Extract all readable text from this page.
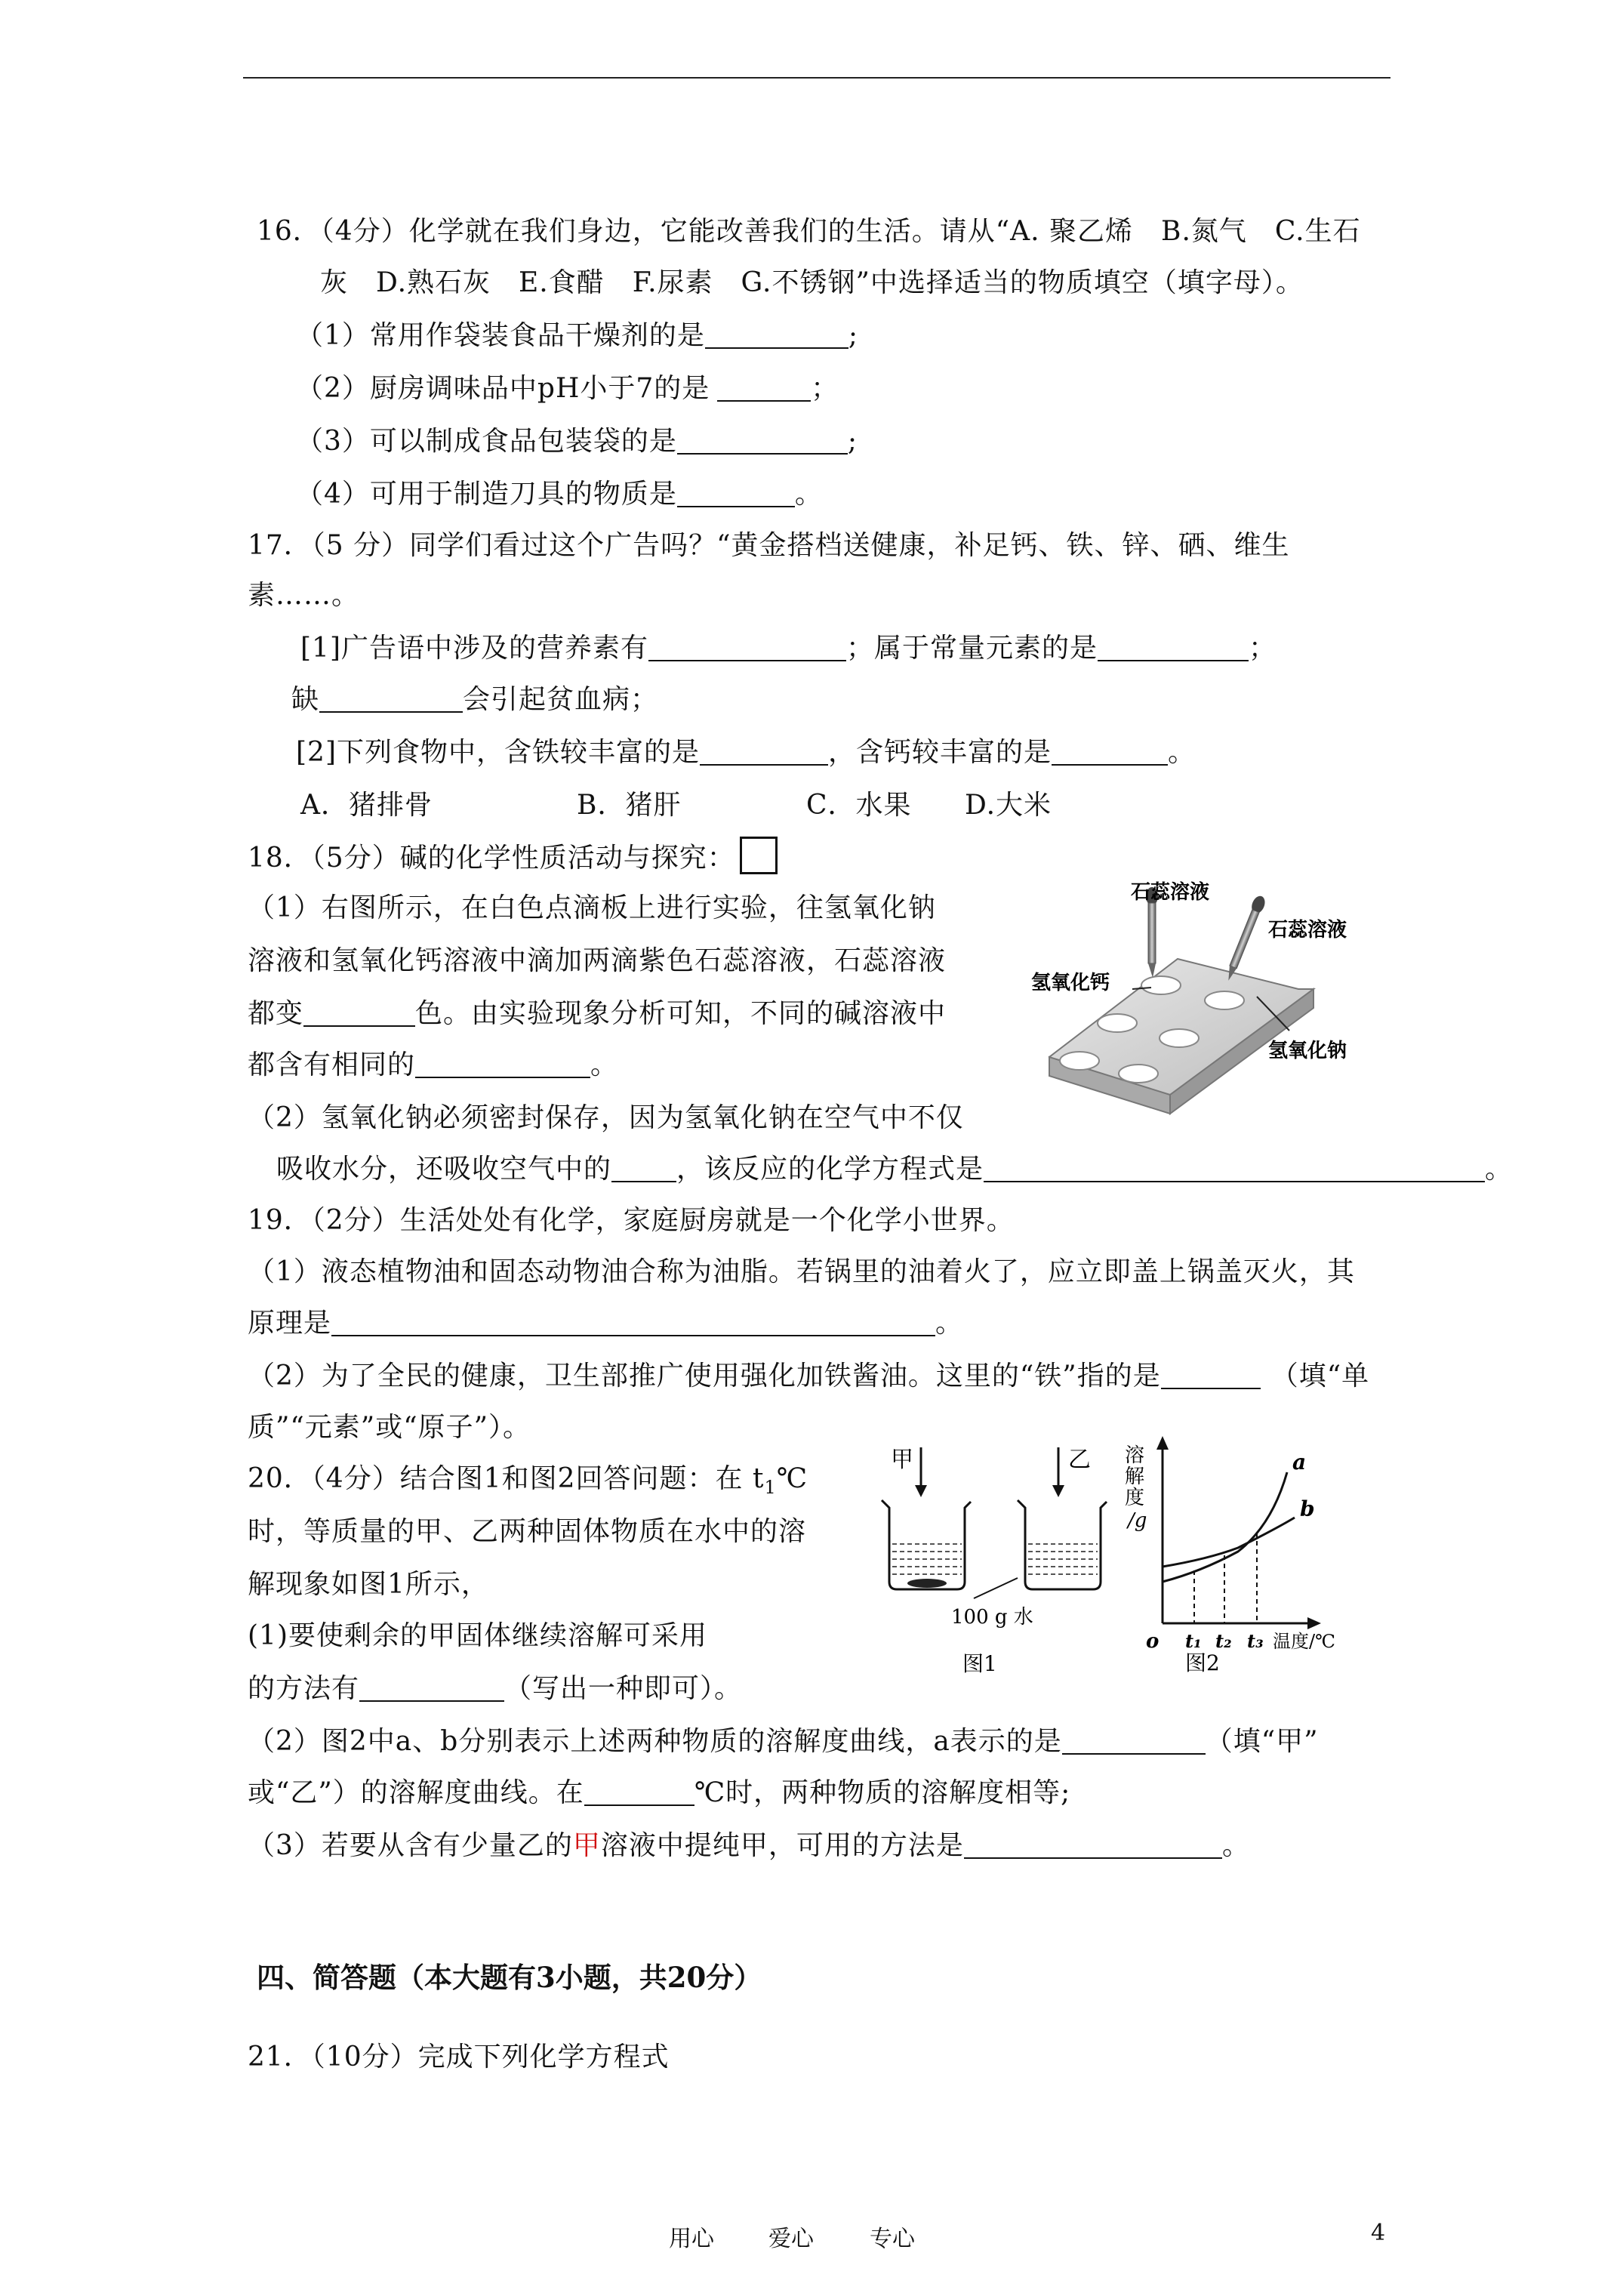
16．（4分）化学就在我们身边，它能改善我们的生活。请从“A. 聚乙烯　B.氮气　C.生石
灰　D.熟石灰　E.食醋　F.尿素　G.不锈钢”中选择适当的物质填空（填字母）。
（1）常用作袋装食品干燥剂的是	;
（2）厨房调味品中pH小于7的是	；
（3）可以制成食品包装袋的是	;
（4）可用于制造刀具的物质是	。
17．（5 分）同学们看过这个广告吗？“黄金搭档送健康，补足钙、铁、锌、硒、维生
素……。
[1]广告语中涉及的营养素有	；属于常量元素的是	；
缺	会引起贫血病；
[2]下列食物中，含铁较丰富的是	，含钙较丰富的是	。
A．猪排骨	B．猪肝	C．水果 D.大米
18．（5分）碱的化学性质活动与探究：
（1）右图所示，在白色点滴板上进行实验，往氢氧化钠
溶液和氢氧化钙溶液中滴加两滴紫色石蕊溶液，石蕊溶液
都变	色。由实验现象分析可知，不同的碱溶液中
都含有相同的	。
（2）氢氧化钠必须密封保存，因为氢氧化钠在空气中不仅
吸收水分，还吸收空气中的 ，该反应的化学方程式是	。
石蕊溶液
石蕊溶液
氢氧化钙
氢氧化钠
19．（2分）生活处处有化学，家庭厨房就是一个化学小世界。
（1）液态植物油和固态动物油合称为油脂。若锅里的油着火了，应立即盖上锅盖灭火，其
原理是	。
（2）为了全民的健康，卫生部推广使用强化加铁酱油。这里的“铁”指的是	（填“单
质”“元素”或“原子”）。
20．（4分）结合图1和图2回答问题：在 $t_1℃$
时，等质量的甲、乙两种固体物质在水中的溶
解现象如图1所示，
(1)要使剩余的甲固体继续溶解可采用
的方法有	（写出一种即可）。
（2）图2中a、b分别表示上述两种物质的溶解度曲线，a表示的是	（填“甲”
或“乙”）的溶解度曲线。在	℃时，两种物质的溶解度相等;
（3）若要从含有少量乙的甲溶液中提纯甲，可用的方法是	。
甲	乙
100 g 水
图1
溶
解
度
/g
a
b
o t₁ t₂ t₃ 温度/℃
图2
四、简答题（本大题有3小题，共20分）
21．（10分）完成下列化学方程式
用心 爱心 专心	4
